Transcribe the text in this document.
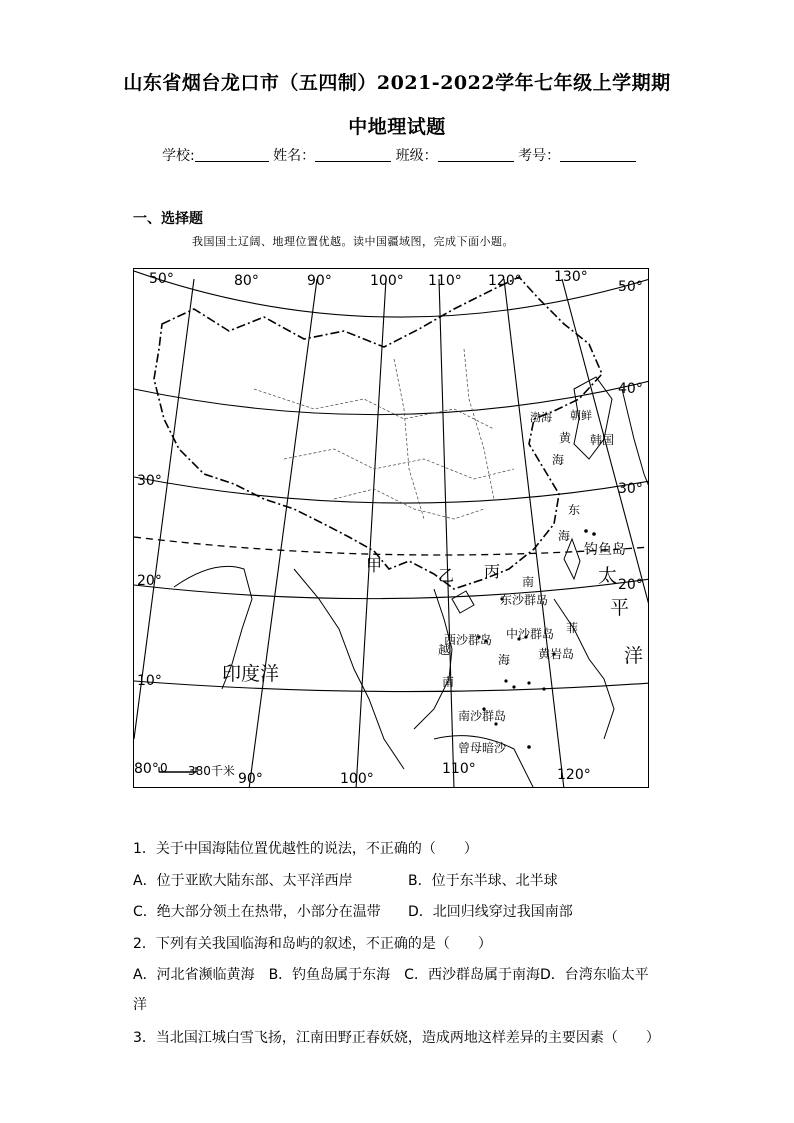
山东省烟台龙口市（五四制）2021-2022学年七年级上学期期
中地理试题
学校:	姓名：	班级：	考号：
一、选择题
我国国土辽阔、地理位置优越。读中国疆域图，完成下面小题。
80°	90°	100° 110° 120° 130°
50°
30°
20°
10°
50°
40°
30°
20°
80°
90°	100°
110°	120°
0 380千米
渤海 朝鲜
韩国
黄
海
东
海
钓鱼岛
甲
乙 丙
南
海
太
平
洋
东沙群岛
西沙群岛 中沙群岛
黄岩岛
越
南
菲
南沙群岛
曾母暗沙
印度洋
1．关于中国海陆位置优越性的说法，不正确的（　　）
A．位于亚欧大陆东部、太平洋西岸	B．位于东半球、北半球
C．绝大部分领土在热带，小部分在温带 D．北回归线穿过我国南部
2．下列有关我国临海和岛屿的叙述，不正确的是（　　）
A．河北省濒临黄海　B．钓鱼岛属于东海　C．西沙群岛属于南海D．台湾东临太平
洋
3．当北国江城白雪飞扬，江南田野正春妖娆，造成两地这样差异的主要因素（　　）
